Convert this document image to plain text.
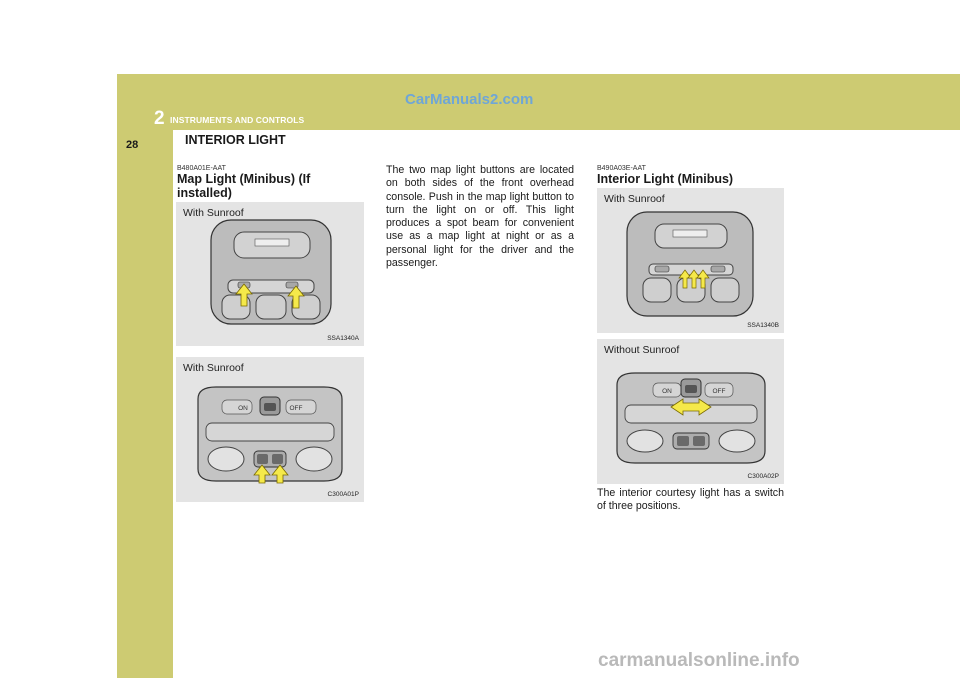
2 INSTRUMENTS AND CONTROLS
28	INTERIOR LIGHT
CarManuals2.com
B480A01E-AAT
Map Light (Minibus) (If installed)
With Sunroof
SSA1340A
ON	OFF
With Sunroof
C300A01P
The two map light buttons are located on both sides of the front overhead console. Push in the map light button to turn the light on or off. This light produces a spot beam for convenient use as a map light at night or as a personal light for the driver and the passenger.
B490A03E-AAT
Interior Light (Minibus)
With Sunroof
SSA1340B
ON	OFF
Without Sunroof
C300A02P
The interior courtesy light has a switch of three positions.
carmanualsonline.info
